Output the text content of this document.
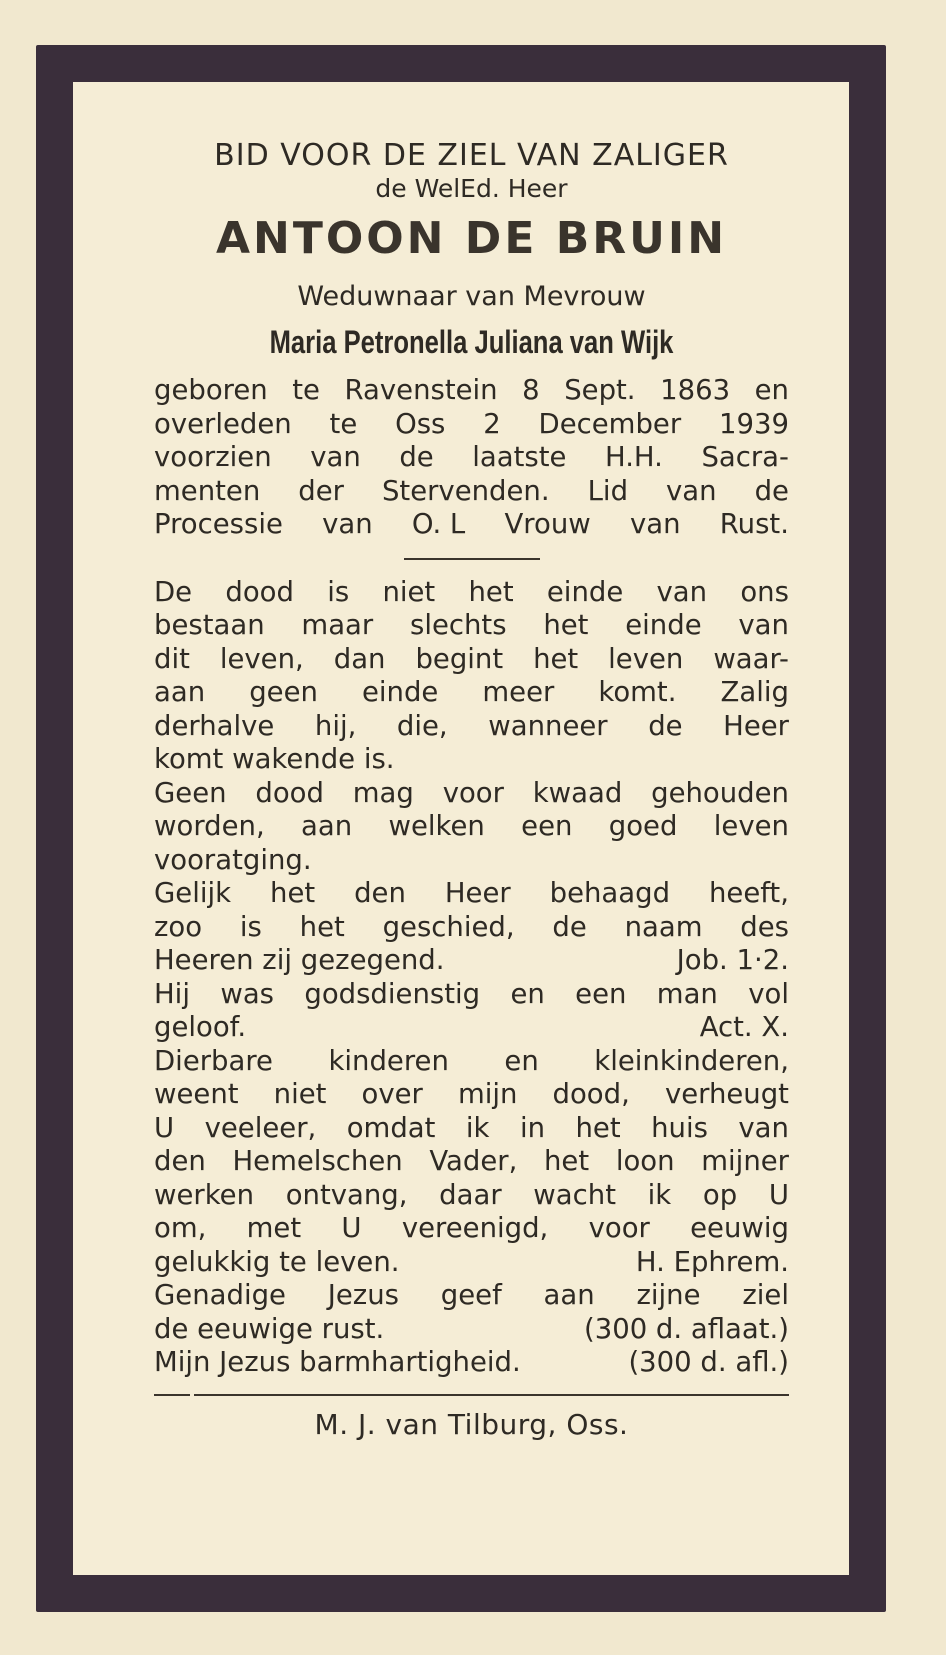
BID VOOR DE ZIEL VAN ZALIGER
de WelEd. Heer
ANTOON DE BRUIN
Weduwnaar van Mevrouw
Maria Petronella Juliana van Wijk
geboren te Ravenstein 8 Sept. 1863 en
overleden te Oss 2 December 1939
voorzien van de laatste H.H. Sacra-
menten der Stervenden. Lid van de
Processie van O. L Vrouw van Rust.
De dood is niet het einde van ons
bestaan maar slechts het einde van
dit leven, dan begint het leven waar-
aan geen einde meer komt. Zalig
derhalve hij, die, wanneer de Heer
komt wakende is.
Geen dood mag voor kwaad gehouden
worden, aan welken een goed leven
vooratging.
Gelijk het den Heer behaagd heeft,
zoo is het geschied, de naam des
Heeren zij gezegend.	Job. 1·2.
Hij was godsdienstig en een man vol
geloof.	Act. X.
Dierbare kinderen en kleinkinderen,
weent niet over mijn dood, verheugt
U veeleer, omdat ik in het huis van
den Hemelschen Vader, het loon mijner
werken ontvang, daar wacht ik op U
om, met U vereenigd, voor eeuwig
gelukkig te leven.	H. Ephrem.
Genadige Jezus geef aan zijne ziel
de eeuwige rust.	(300 d. aflaat.)
Mijn Jezus barmhartigheid.	(300 d. afl.)
M. J. van Tilburg, Oss.
